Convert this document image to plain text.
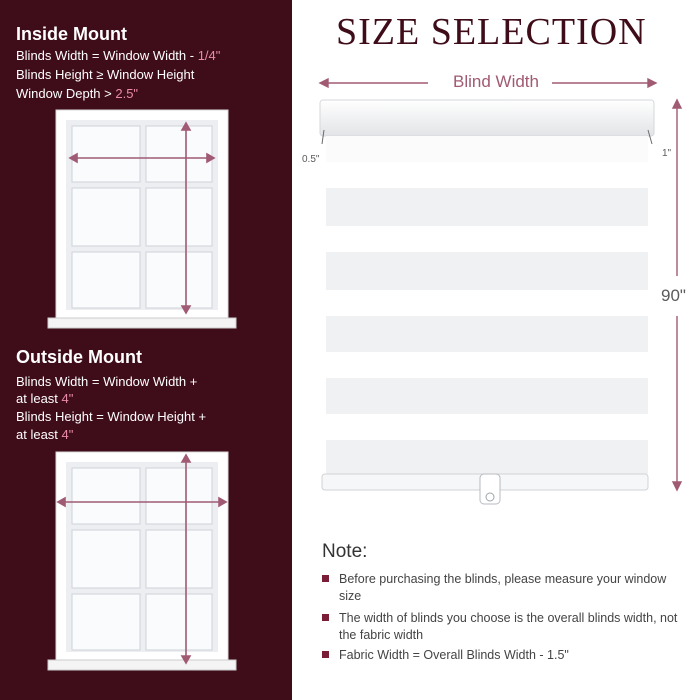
Inside Mount
Blinds Width = Window Width - 1/4"
Blinds Height ≥ Window Height
Window Depth > 2.5"
Outside Mount
Blinds Width = Window Width +
at least 4"
Blinds Height = Window Height +
at least 4"
SIZE SELECTION
Blind Width
0.5"
1"
90"
Note:
Before purchasing the blinds, please measure your window size
The width of blinds you choose is the overall blinds width, not the fabric width
Fabric Width = Overall Blinds Width - 1.5"
